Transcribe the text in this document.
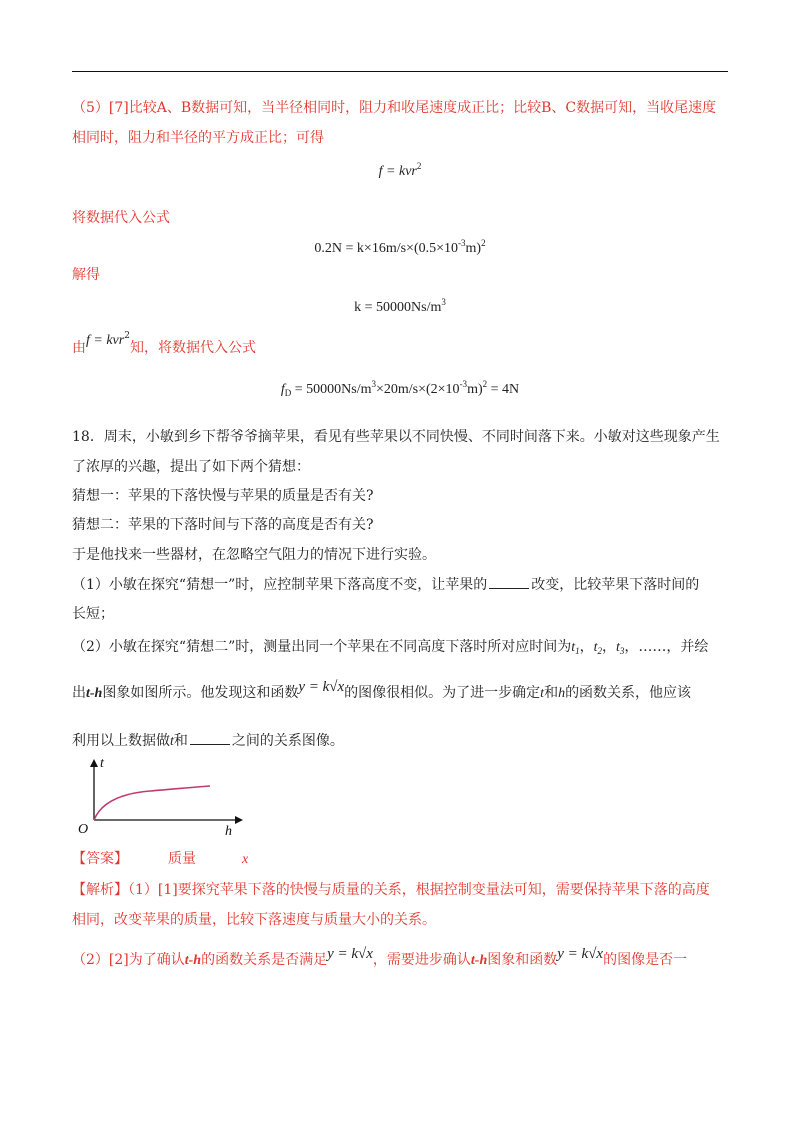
（5）[7]比较A、B数据可知，当半径相同时，阻力和收尾速度成正比；比较B、C数据可知，当收尾速度
相同时，阻力和半径的平方成正比；可得
f = kvr$^2$
将数据代入公式
$0.2N = k\times 16m/s\times(0.5\times 10^{-3}m)^2$
解得
$k = 50000Ns/m^3$
由f = kvr$^2$知，将数据代入公式
$f_D = 50000Ns/m^3\times 20m/s\times(2\times 10^{-3}m)^2 = 4N$
18．周末，小敏到乡下帮爷爷摘苹果，看见有些苹果以不同快慢、不同时间落下来。小敏对这些现象产生
了浓厚的兴趣，提出了如下两个猜想：
猜想一：苹果的下落快慢与苹果的质量是否有关?
猜想二：苹果的下落时间与下落的高度是否有关?
于是他找来一些器材，在忽略空气阻力的情况下进行实验。
（1）小敏在探究“猜想一”时，应控制苹果下落高度不变，让苹果的	改变，比较苹果下落时间的
长短；
（2）小敏在探究“猜想二”时，测量出同一个苹果在不同高度下落时所对应时间为$t_1$，$t_2$，$t_3$，……，并绘
出t-h图象如图所示。他发现这和函数y = k√x的图像很相似。为了进一步确定t和h的函数关系，他应该
利用以上数据做t和	之间的关系图像。
t
h
O
【答案】	质量	x
【解析】（1）[1]要探究苹果下落的快慢与质量的关系，根据控制变量法可知，需要保持苹果下落的高度
相同，改变苹果的质量，比较下落速度与质量大小的关系。
（2）[2]为了确认t-h的函数关系是否满足y = k√x，需要进步确认t-h图象和函数y = k√x的图像是否一
